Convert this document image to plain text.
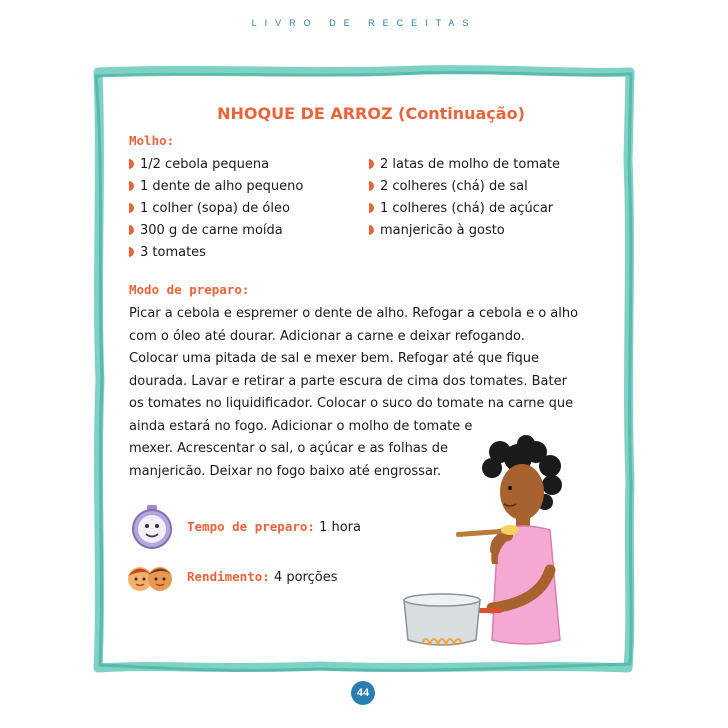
LIVRO DE RECEITAS
NHOQUE DE ARROZ (Continuação)
Molho:
1/2 cebola pequena
1 dente de alho pequeno
1 colher (sopa) de óleo
300 g de carne moída
3 tomates
2 latas de molho de tomate
2 colheres (chá) de sal
1 colheres (chá) de açúcar
manjericão à gosto
Modo de preparo:
Picar a cebola e espremer o dente de alho. Refogar a cebola e o alho
com o óleo até dourar. Adicionar a carne e deixar refogando.
Colocar uma pitada de sal e mexer bem. Refogar até que fique
dourada. Lavar e retirar a parte escura de cima dos tomates. Bater
os tomates no liquidificador. Colocar o suco do tomate na carne que
ainda estará no fogo. Adicionar o molho de tomate e
mexer. Acrescentar o sal, o açúcar e as folhas de
manjericão. Deixar no fogo baixo até engrossar.
Tempo de preparo: 1 hora
Rendimento: 4 porções
44
